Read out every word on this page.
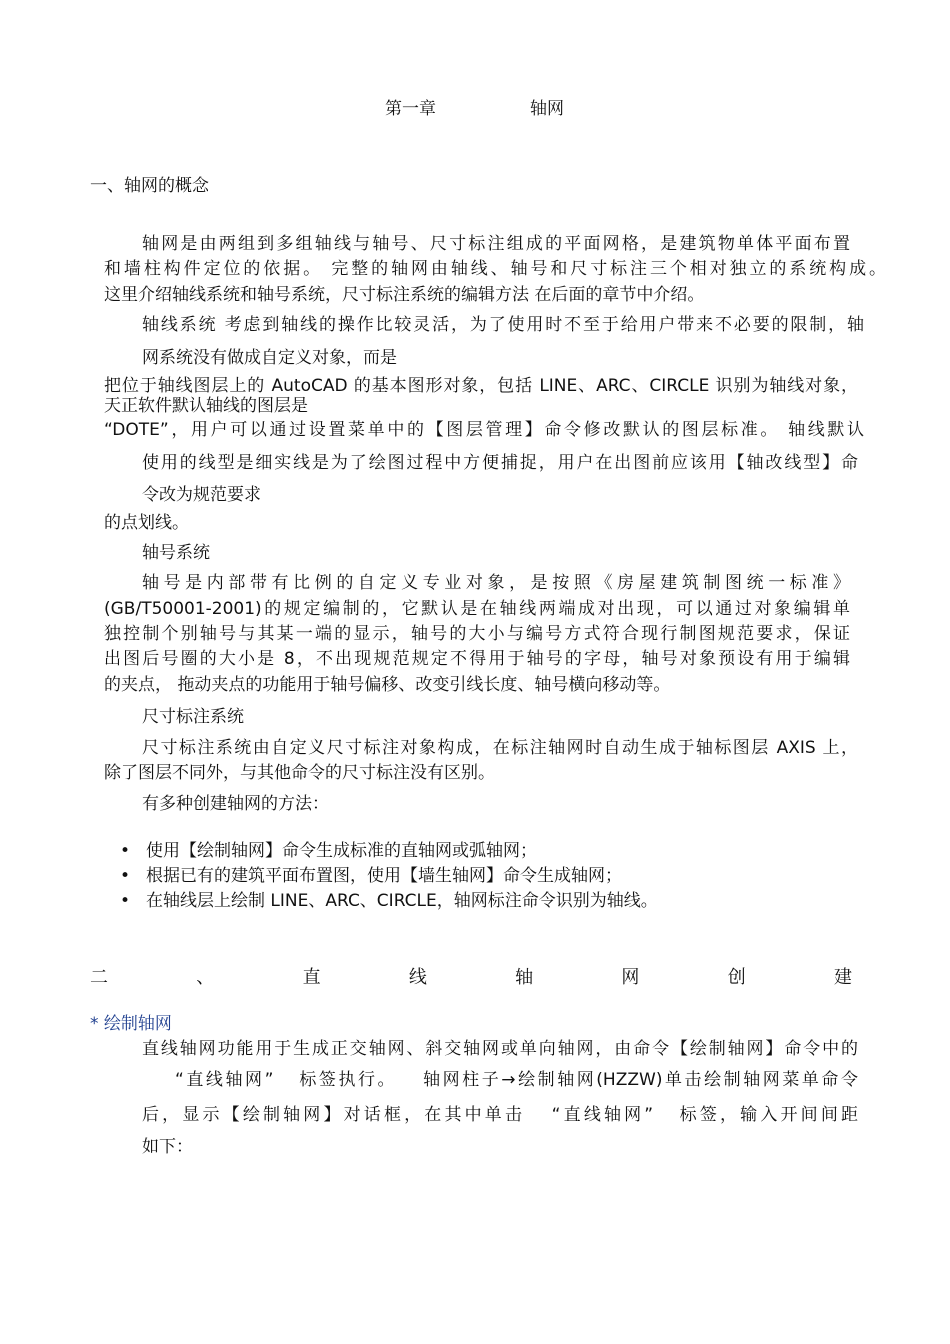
第一章	轴网
一、轴网的概念
轴网是由两组到多组轴线与轴号、尺寸标注组成的平面网格，是建筑物单体平面布置
和墙柱构件定位的依据。 完整的轴网由轴线、轴号和尺寸标注三个相对独立的系统构成。
这里介绍轴线系统和轴号系统，尺寸标注系统的编辑方法 在后面的章节中介绍。
轴线系统 考虑到轴线的操作比较灵活，为了使用时不至于给用户带来不必要的限制，轴
网系统没有做成自定义对象，而是
把位于轴线图层上的 AutoCAD 的基本图形对象，包括 LINE、ARC、CIRCLE 识别为轴线对象，
天正软件默认轴线的图层是
“DOTE”，用户可以通过设置菜单中的【图层管理】命令修改默认的图层标准。 轴线默认
使用的线型是细实线是为了绘图过程中方便捕捉，用户在出图前应该用【轴改线型】命
令改为规范要求
的点划线。
轴号系统
轴号是内部带有比例的自定义专业对象，是按照《房屋建筑制图统一标准》
(GB/T50001-2001)的规定编制的，它默认是在轴线两端成对出现，可以通过对象编辑单
独控制个别轴号与其某一端的显示，轴号的大小与编号方式符合现行制图规范要求，保证
出图后号圈的大小是 8，不出现规范规定不得用于轴号的字母，轴号对象预设有用于编辑
的夹点， 拖动夹点的功能用于轴号偏移、改变引线长度、轴号横向移动等。
尺寸标注系统
尺寸标注系统由自定义尺寸标注对象构成，在标注轴网时自动生成于轴标图层 AXIS 上，
除了图层不同外，与其他命令的尺寸标注没有区别。
有多种创建轴网的方法：
• 使用【绘制轴网】命令生成标准的直轴网或弧轴网；
• 根据已有的建筑平面布置图，使用【墙生轴网】命令生成轴网；
• 在轴线层上绘制 LINE、ARC、CIRCLE，轴网标注命令识别为轴线。
二	、	直	线	轴	网	创	建
* 绘制轴网
直线轴网功能用于生成正交轴网、斜交轴网或单向轴网，由命令【绘制轴网】命令中的
“直线轴网” 标签执行。 轴网柱子→绘制轴网(HZZW)单击绘制轴网菜单命令
后，显示【绘制轴网】对话框，在其中单击 “直线轴网” 标签，输入开间间距
如下：
